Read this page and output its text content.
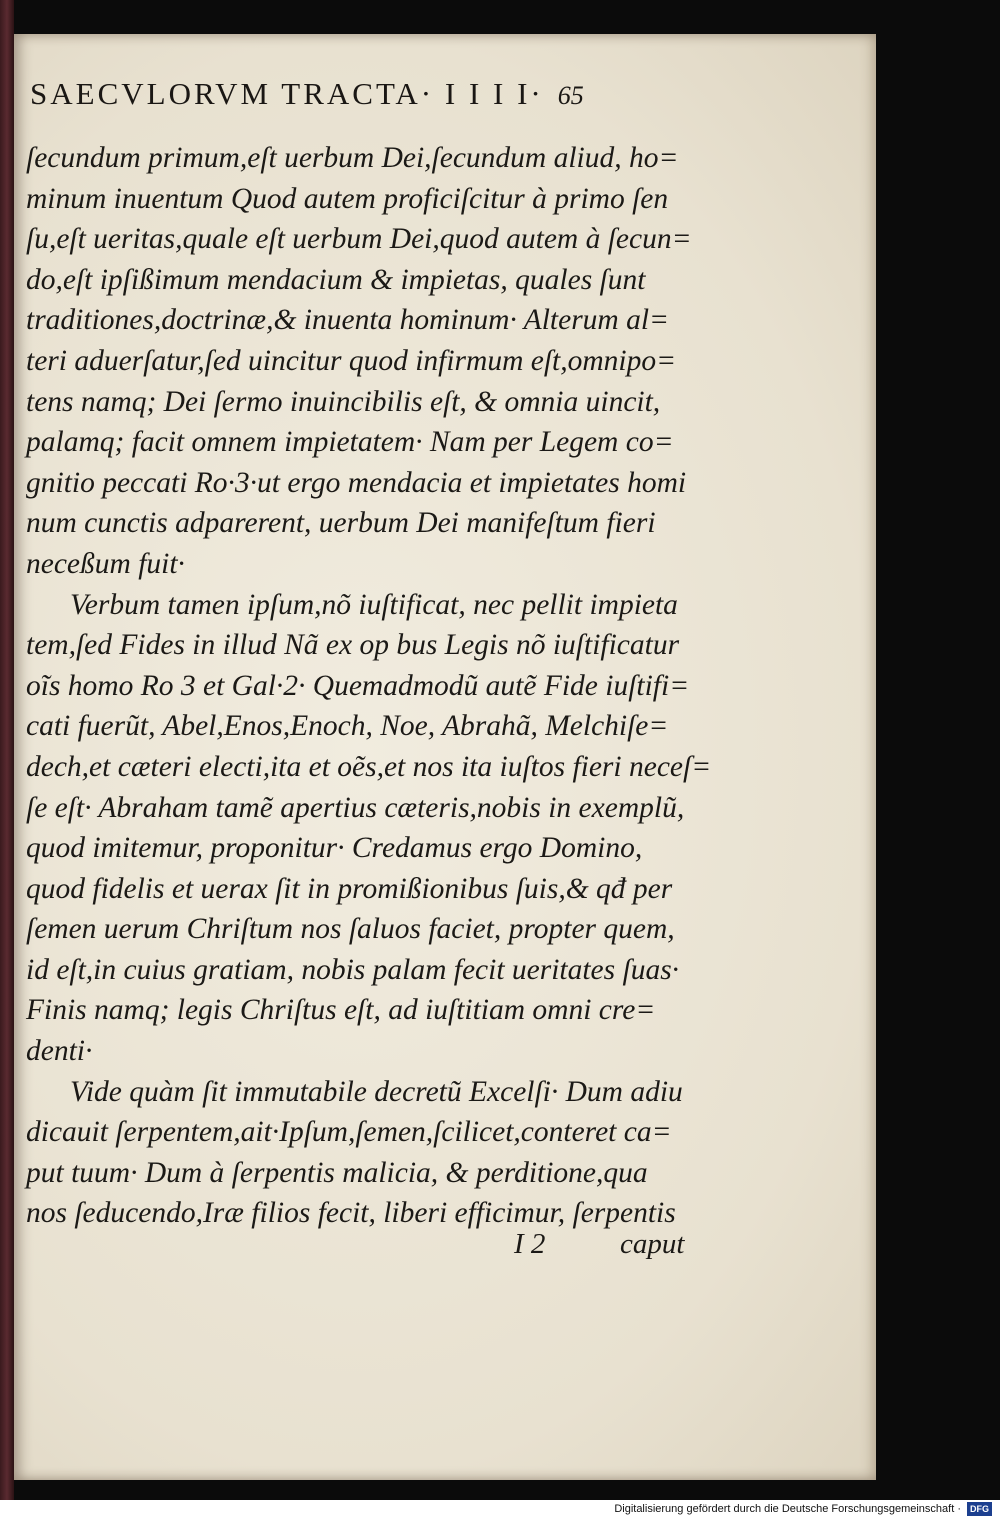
SAECVLORVM TRACTA· I I I I· 65
ſecundum primum,eſt uerbum Dei,ſecundum aliud, ho=
minum inuentum Quod autem proficiſcitur à primo ſen
ſu,eſt ueritas,quale eſt uerbum Dei,quod autem à ſecun=
do,eſt ipſißimum mendacium & impietas, quales ſunt
traditiones,doctrinæ,& inuenta hominum· Alterum al=
teri aduerſatur,ſed uincitur quod infirmum eſt,omnipo=
tens namq; Dei ſermo inuincibilis eſt, & omnia uincit,
palamq; facit omnem impietatem· Nam per Legem co=
gnitio peccati Ro·3·ut ergo mendacia et impietates homi
num cunctis adparerent, uerbum Dei manifeſtum fieri
neceßum fuit·
Verbum tamen ipſum,nõ iuſtificat, nec pellit impieta
tem,ſed Fides in illud Nã ex op bus Legis nõ iuſtificatur
oĩs homo Ro 3 et Gal·2· Quemadmodũ autẽ Fide iuſtifi=
cati fuerũt, Abel,Enos,Enoch, Noe, Abrahã, Melchiſe=
dech,et cæteri electi,ita et oẽs,et nos ita iuſtos fieri neceſ=
ſe eſt· Abraham tamẽ apertius cæteris,nobis in exemplũ,
quod imitemur, proponitur· Credamus ergo Domino,
quod fidelis et uerax ſit in promißionibus ſuis,& qđ per
ſemen uerum Chriſtum nos ſaluos faciet, propter quem,
id eſt,in cuius gratiam, nobis palam fecit ueritates ſuas·
Finis namq; legis Chriſtus eſt, ad iuſtitiam omni cre=
denti·
Vide quàm ſit immutabile decretũ Excelſi· Dum adiu
dicauit ſerpentem,ait·Ipſum,ſemen,ſcilicet,conteret ca=
put tuum· Dum à ſerpentis malicia, & perditione,qua
nos ſeducendo,Iræ filios fecit, liberi efficimur, ſerpentis
I 2	caput
Digitalisierung gefördert durch die Deutsche Forschungsgemeinschaft · DFG
